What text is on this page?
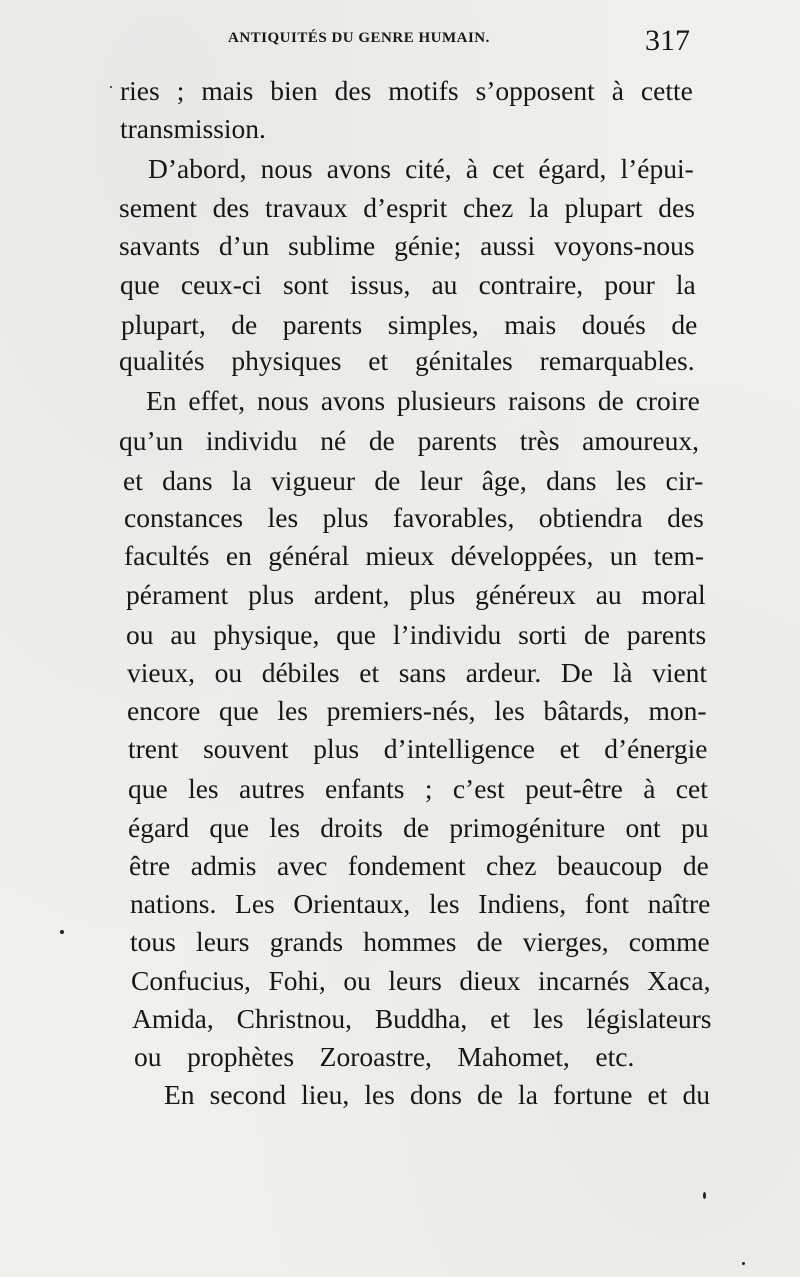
ANTIQUITÉS DU GENRE HUMAIN.	317
ries ; mais bien des motifs s’opposent à cette
transmission.
D’abord, nous avons cité, à cet égard, l’épui-
sement des travaux d’esprit chez la plupart des
savants d’un sublime génie; aussi voyons-nous
que ceux-ci sont issus, au contraire, pour la
plupart, de parents simples, mais doués de
qualités physiques et génitales remarquables.
En effet, nous avons plusieurs raisons de croire
qu’un individu né de parents très amoureux,
et dans la vigueur de leur âge, dans les cir-
constances les plus favorables, obtiendra des
facultés en général mieux développées, un tem-
pérament plus ardent, plus généreux au moral
ou au physique, que l’individu sorti de parents
vieux, ou débiles et sans ardeur. De là vient
encore que les premiers-nés, les bâtards, mon-
trent souvent plus d’intelligence et d’énergie
que les autres enfants ; c’est peut-être à cet
égard que les droits de primogéniture ont pu
être admis avec fondement chez beaucoup de
nations. Les Orientaux, les Indiens, font naître
tous leurs grands hommes de vierges, comme
Confucius, Fohi, ou leurs dieux incarnés Xaca,
Amida, Christnou, Buddha, et les législateurs
ou prophètes Zoroastre, Mahomet, etc.
En second lieu, les dons de la fortune et du
